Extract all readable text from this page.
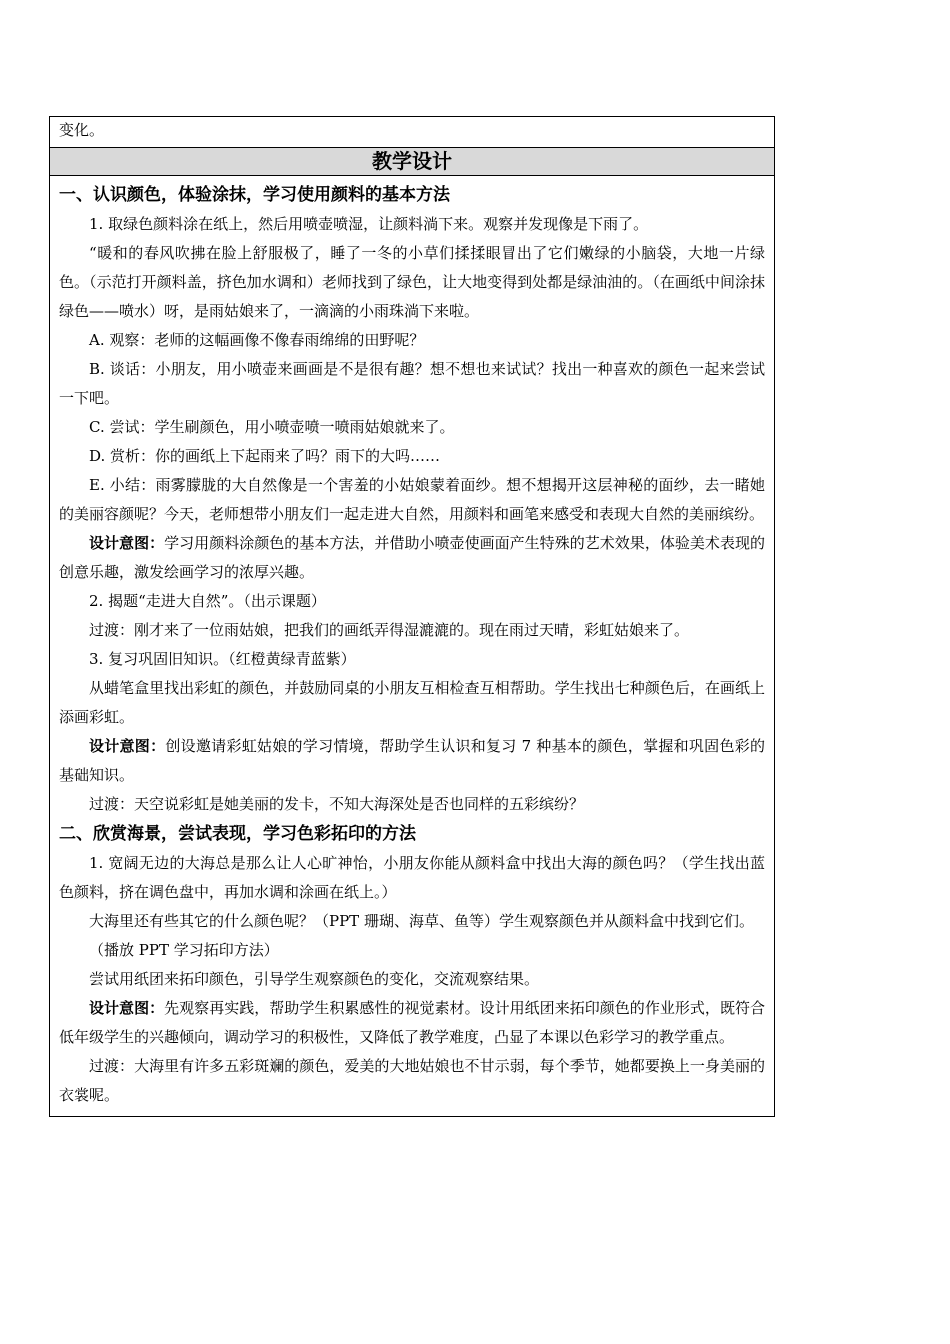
变化。
教学设计

一、认识颜色，体验涂抹，学习使用颜料的基本方法

1. 取绿色颜料涂在纸上，然后用喷壶喷湿，让颜料淌下来。观察并发现像是下雨了。

“暖和的春风吹拂在脸上舒服极了，睡了一冬的小草们揉揉眼冒出了它们嫩绿的小脑袋，大地一片绿色。（示范打开颜料盖，挤色加水调和）老师找到了绿色，让大地变得到处都是绿油油的。（在画纸中间涂抹绿色——喷水）呀，是雨姑娘来了，一滴滴的小雨珠淌下来啦。

A. 观察：老师的这幅画像不像春雨绵绵的田野呢？

B. 谈话：小朋友，用小喷壶来画画是不是很有趣？想不想也来试试？找出一种喜欢的颜色一起来尝试一下吧。

C. 尝试：学生刷颜色，用小喷壶喷一喷雨姑娘就来了。

D. 赏析：你的画纸上下起雨来了吗？雨下的大吗……

E. 小结：雨雾朦胧的大自然像是一个害羞的小姑娘蒙着面纱。想不想揭开这层神秘的面纱，去一睹她的美丽容颜呢？今天，老师想带小朋友们一起走进大自然，用颜料和画笔来感受和表现大自然的美丽缤纷。

设计意图：学习用颜料涂颜色的基本方法，并借助小喷壶使画面产生特殊的艺术效果，体验美术表现的创意乐趣，激发绘画学习的浓厚兴趣。

2. 揭题“走进大自然”。（出示课题）

过渡：刚才来了一位雨姑娘，把我们的画纸弄得湿漉漉的。现在雨过天晴，彩虹姑娘来了。

3. 复习巩固旧知识。（红橙黄绿青蓝紫）

从蜡笔盒里找出彩虹的颜色，并鼓励同桌的小朋友互相检查互相帮助。学生找出七种颜色后，在画纸上添画彩虹。

设计意图：创设邀请彩虹姑娘的学习情境，帮助学生认识和复习 7 种基本的颜色，掌握和巩固色彩的基础知识。

过渡：天空说彩虹是她美丽的发卡，不知大海深处是否也同样的五彩缤纷？

二、欣赏海景，尝试表现，学习色彩拓印的方法

1. 宽阔无边的大海总是那么让人心旷神怡，小朋友你能从颜料盒中找出大海的颜色吗？（学生找出蓝色颜料，挤在调色盘中，再加水调和涂画在纸上。）

大海里还有些其它的什么颜色呢？（PPT 珊瑚、海草、鱼等）学生观察颜色并从颜料盒中找到它们。

（播放 PPT 学习拓印方法）

尝试用纸团来拓印颜色，引导学生观察颜色的变化，交流观察结果。

设计意图：先观察再实践，帮助学生积累感性的视觉素材。设计用纸团来拓印颜色的作业形式，既符合低年级学生的兴趣倾向，调动学习的积极性，又降低了教学难度，凸显了本课以色彩学习的教学重点。

过渡：大海里有许多五彩斑斓的颜色，爱美的大地姑娘也不甘示弱，每个季节，她都要换上一身美丽的衣裳呢。
